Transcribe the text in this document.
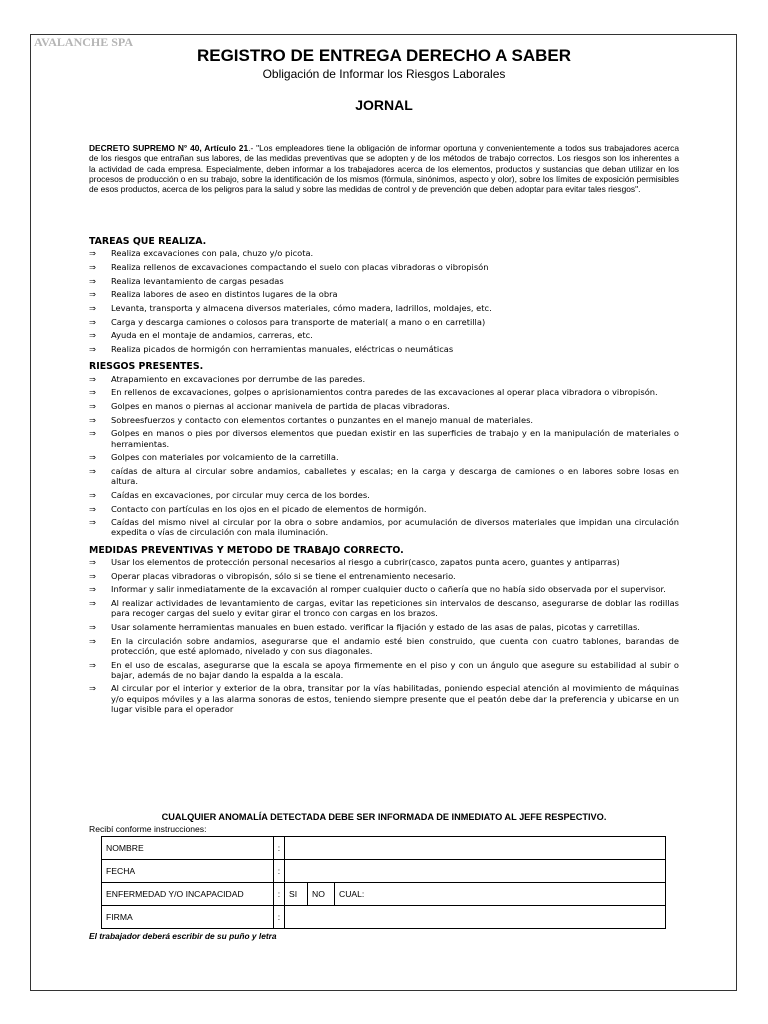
AVALANCHE SPA
REGISTRO DE ENTREGA DERECHO A SABER
Obligación de Informar los Riesgos Laborales
JORNAL
DECRETO SUPREMO N° 40, Artículo 21.- "Los empleadores tiene la obligación de informar oportuna y convenientemente a todos sus trabajadores acerca de los riesgos que entrañan sus labores, de las medidas preventivas que se adopten y de los métodos de trabajo correctos. Los riesgos son los inherentes a la actividad de cada empresa. Especialmente, deben informar a los trabajadores acerca de los elementos, productos y sustancias que deban utilizar en los procesos de producción o en su trabajo, sobre la identificación de los mismos (fórmula, sinónimos, aspecto y olor), sobre los límites de exposición permisibles de esos productos, acerca de los peligros para la salud y sobre las medidas de control y de prevención que deben adoptar para evitar tales riesgos".
TAREAS QUE REALIZA.
⇒ Realiza excavaciones con pala, chuzo y/o picota.
⇒ Realiza rellenos de excavaciones compactando el suelo con placas vibradoras o vibropisón
⇒ Realiza levantamiento de cargas pesadas
⇒ Realiza labores de aseo en distintos lugares de la obra
⇒ Levanta, transporta y almacena diversos materiales, cómo madera, ladrillos, moldajes, etc.
⇒ Carga y descarga camiones o colosos para transporte de material( a mano o en carretilla)
⇒ Ayuda en el montaje de andamios, carreras, etc.
⇒ Realiza picados de hormigón con herramientas manuales, eléctricas o neumáticas
RIESGOS PRESENTES.
⇒ Atrapamiento en excavaciones por derrumbe de las paredes.
⇒ En rellenos de excavaciones, golpes o aprisionamientos contra paredes de las excavaciones al operar placa vibradora o vibropisón.
⇒ Golpes en manos o piernas al accionar manivela de partida de placas vibradoras.
⇒ Sobreesfuerzos y contacto con elementos cortantes o punzantes en el manejo manual de materiales.
⇒ Golpes en manos o pies por diversos elementos que puedan existir en las superficies de trabajo y en la manipulación de materiales o herramientas.
⇒ Golpes con materiales por volcamiento de la carretilla.
⇒ caídas de altura al circular sobre andamios, caballetes y escalas; en la carga y descarga de camiones o en labores sobre losas en altura.
⇒ Caídas en excavaciones, por circular muy cerca de los bordes.
⇒ Contacto con partículas en los ojos en el picado de elementos de hormigón.
⇒ Caídas del mismo nivel al circular por la obra o sobre andamios, por acumulación de diversos materiales que impidan una circulación expedita o vías de circulación con mala iluminación.
MEDIDAS PREVENTIVAS Y METODO DE TRABAJO CORRECTO.
⇒ Usar los elementos de protección personal necesarios al riesgo a cubrir(casco, zapatos punta acero, guantes y antiparras)
⇒ Operar placas vibradoras o vibropisón, sólo si se tiene el entrenamiento necesario.
⇒ Informar y salir inmediatamente de la excavación al romper cualquier ducto o cañería que no había sido observada por el supervisor.
⇒ Al realizar actividades de levantamiento de cargas, evitar las repeticiones sin intervalos de descanso, asegurarse de doblar las rodillas para recoger cargas del suelo y evitar girar el tronco con cargas en los brazos.
⇒ Usar solamente herramientas manuales en buen estado. verificar la fijación y estado de las asas de palas, picotas y carretillas.
⇒ En la circulación sobre andamios, asegurarse que el andamio esté bien construido, que cuenta con cuatro tablones, barandas de protección, que esté aplomado, nivelado y con sus diagonales.
⇒ En el uso de escalas, asegurarse que la escala se apoya firmemente en el piso y con un ángulo que asegure su estabilidad al subir o bajar, además de no bajar dando la espalda a la escala.
⇒ Al circular por el interior y exterior de la obra, transitar por la vías habilitadas, poniendo especial atención al movimiento de máquinas y/o equipos móviles y a las alarma sonoras de estos, teniendo siempre presente que el peatón debe dar la preferencia y ubicarse en un lugar visible para el operador
CUALQUIER ANOMALÍA DETECTADA DEBE SER INFORMADA DE INMEDIATO AL JEFE RESPECTIVO.
Recibí conforme instrucciones:
NOMBRE	:			
FECHA	:			
ENFERMEDAD Y/O INCAPACIDAD	:	SI	NO	CUAL:
FIRMA	:			
El trabajador deberá escribir de su puño y letra
